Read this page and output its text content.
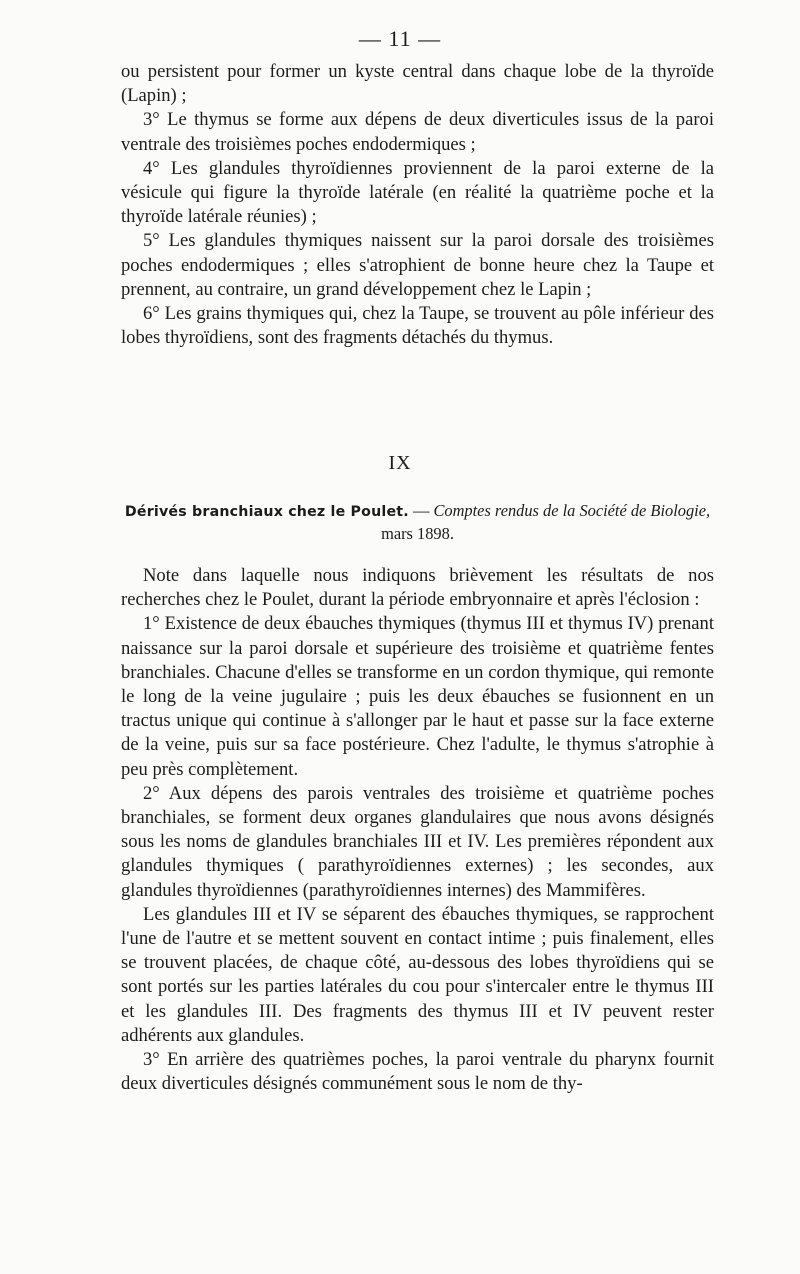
— 11 —

ou persistent pour former un kyste central dans chaque lobe de la thyroïde (Lapin) ;

3° Le thymus se forme aux dépens de deux diverticules issus de la paroi ventrale des troisièmes poches endodermiques ;

4° Les glandules thyroïdiennes proviennent de la paroi externe de la vésicule qui figure la thyroïde latérale (en réalité la quatrième poche et la thyroïde latérale réunies) ;

5° Les glandules thymiques naissent sur la paroi dorsale des troisièmes poches endodermiques ; elles s'atrophient de bonne heure chez la Taupe et prennent, au contraire, un grand développement chez le Lapin ;

6° Les grains thymiques qui, chez la Taupe, se trouvent au pôle inférieur des lobes thyroïdiens, sont des fragments détachés du thymus.

IX
Dérivés branchiaux chez le Poulet. — Comptes rendus de la Société de Biologie, mars 1898.

Note dans laquelle nous indiquons brièvement les résultats de nos recherches chez le Poulet, durant la période embryonnaire et après l'éclosion :

1° Existence de deux ébauches thymiques (thymus III et thymus IV) prenant naissance sur la paroi dorsale et supérieure des troisième et quatrième fentes branchiales. Chacune d'elles se transforme en un cordon thymique, qui remonte le long de la veine jugulaire ; puis les deux ébauches se fusionnent en un tractus unique qui continue à s'allonger par le haut et passe sur la face externe de la veine, puis sur sa face postérieure. Chez l'adulte, le thymus s'atrophie à peu près complètement.

2° Aux dépens des parois ventrales des troisième et quatrième poches branchiales, se forment deux organes glandulaires que nous avons désignés sous les noms de glandules branchiales III et IV. Les premières répondent aux glandules thymiques ( parathyroïdiennes externes) ; les secondes, aux glandules thyroïdiennes (parathyroïdiennes internes) des Mammifères.

Les glandules III et IV se séparent des ébauches thymiques, se rapprochent l'une de l'autre et se mettent souvent en contact intime ; puis finalement, elles se trouvent placées, de chaque côté, au-dessous des lobes thyroïdiens qui se sont portés sur les parties latérales du cou pour s'intercaler entre le thymus III et les glandules III. Des fragments des thymus III et IV peuvent rester adhérents aux glandules.

3° En arrière des quatrièmes poches, la paroi ventrale du pharynx fournit deux diverticules désignés communément sous le nom de thy-
